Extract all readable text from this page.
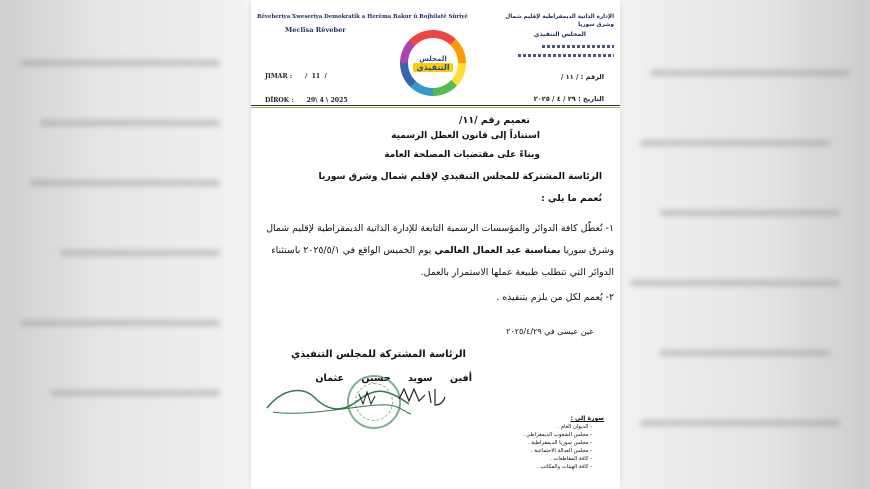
Rêveberiya Xweseriya Demokratîk a Herêma Bakur û Rojhilatê Sûriyê
Meclîsa Rêveber
الإدارة الذاتية الديمقراطية لإقليم شمال وشرق سوريا
المجلس التنفيذي
المجلس
التنفيذي
JIMAR : /  11  /
DÎROK : 29\ 4 \ 2025
الرقم : / ١١ /
التاريخ : ٢٩ / ٤ / ٢٠٢٥
تعميم رقم /١١/
استناداً إلى قانون العطل الرسمية
وبناءً على مقتضيات المصلحة العامة
الرئاسة المشتركة للمجلس التنفيذي لإقليم شمال وشرق سوريا
تُعمم ما يلي :
١- تُعطّل كافة الدوائر والمؤسسات الرسمية التابعة للإدارة الذاتية الديمقراطية لإقليم شمال وشرق سوريا بمناسبة عيد العمال العالمي يوم الخميس الواقع في ٢٠٢٥/٥/١ باستثناء الدوائر التي تتطلب طبيعة عملها الاستمرار بالعمل.
٢- يُعمم لكل من يلزم بتنفيذه .
عين عيسى في ٢٠٢٥/٤/٢٩
الرئاسة المشتركة للمجلس التنفيذي
أفين سويد حسين عثمان
صورة إلى :
- الديوان العام .
- مجلس الشعوب الديمقراطي .
- مجلس سوريا الديمقراطية .
- مجلس العدالة الاجتماعية .
- كافة المقاطعات .
- كافة الهيئات والمكاتب .
